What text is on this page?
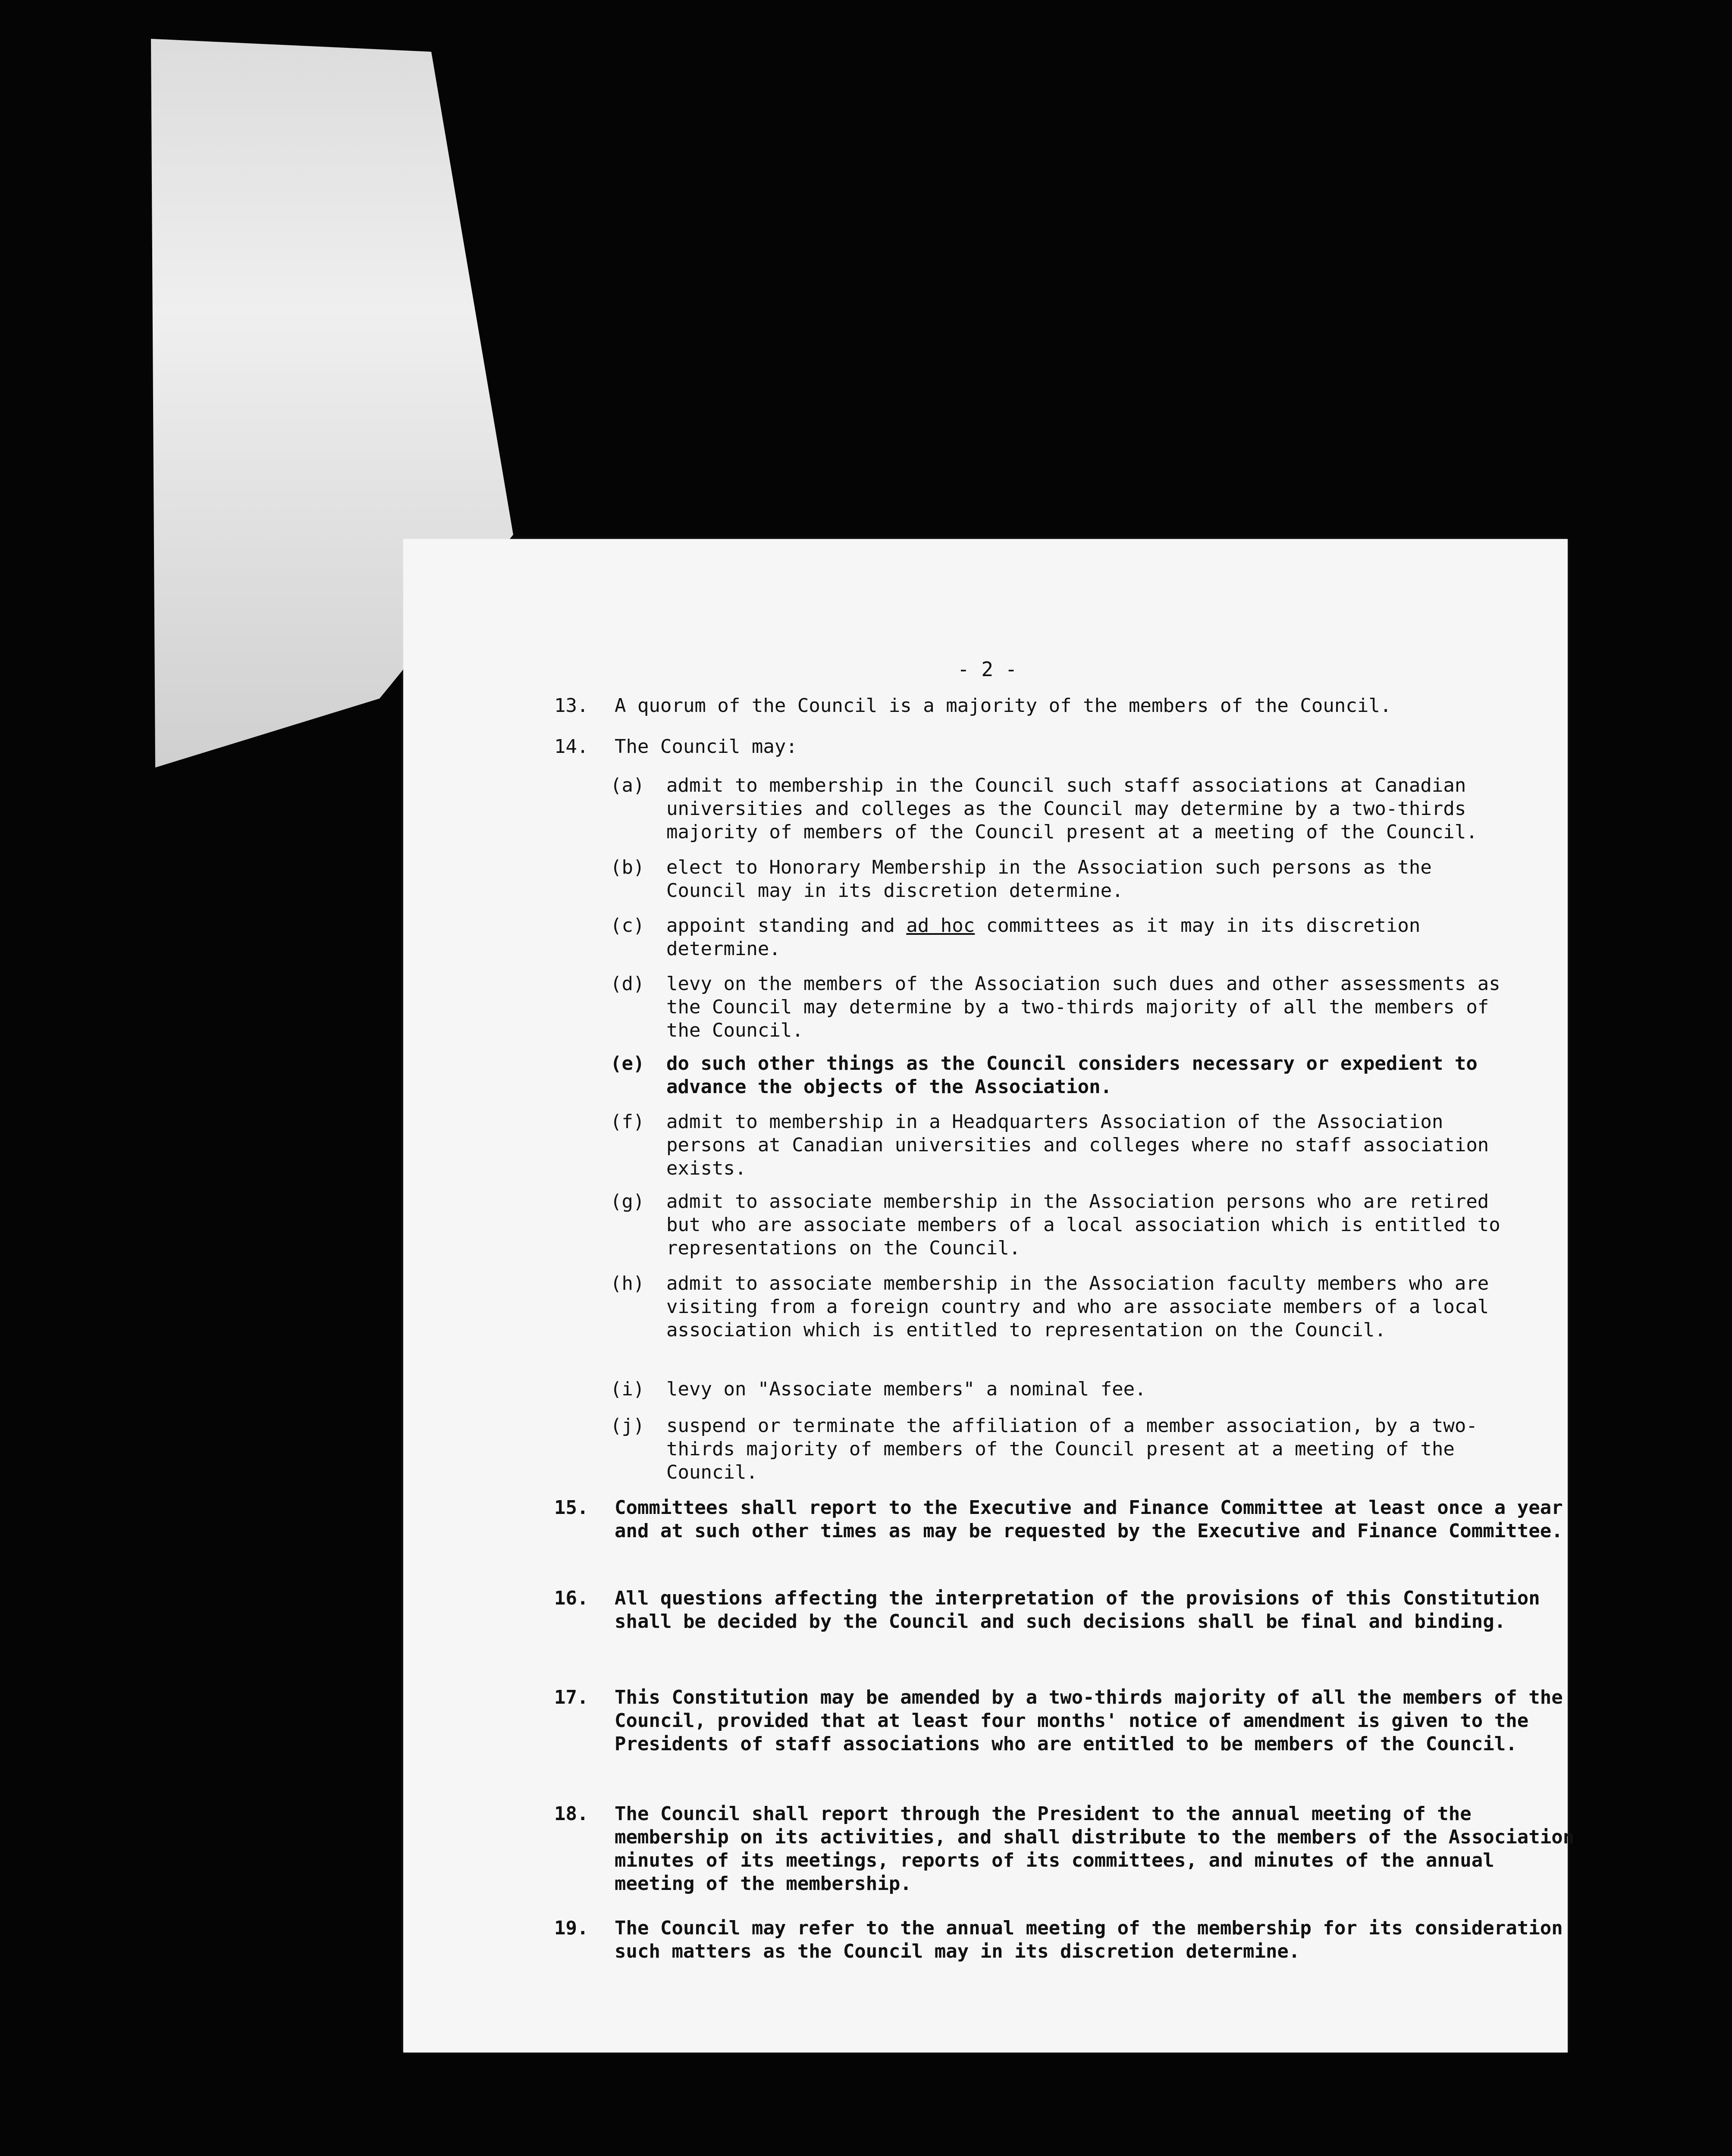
- 2 -
13.	A quorum of the Council is a majority of the members of the Council.
14.	The Council may:
(a)	admit to membership in the Council such staff associations at Canadian universities and colleges as the Council may determine by a two-thirds majority of members of the Council present at a meeting of the Council.
(b)	elect to Honorary Membership in the Association such persons as the Council may in its discretion determine.
(c)	appoint standing and ad hoc committees as it may in its discretion determine.
(d)	levy on the members of the Association such dues and other assessments as the Council may determine by a two-thirds majority of all the members of the Council.
(e)	do such other things as the Council considers necessary or expedient to advance the objects of the Association.
(f)	admit to membership in a Headquarters Association of the Association persons at Canadian universities and colleges where no staff association exists.
(g)	admit to associate membership in the Association persons who are retired but who are associate members of a local association which is entitled to representations on the Council.
(h)	admit to associate membership in the Association faculty members who are visiting from a foreign country and who are associate members of a local association which is entitled to representation on the Council.
(i)	levy on "Associate members" a nominal fee.
(j)	suspend or terminate the affiliation of a member association, by a two-thirds majority of members of the Council present at a meeting of the Council.
15.	Committees shall report to the Executive and Finance Committee at least once a year and at such other times as may be requested by the Executive and Finance Committee.
16.	All questions affecting the interpretation of the provisions of this Constitution shall be decided by the Council and such decisions shall be final and binding.
17.	This Constitution may be amended by a two-thirds majority of all the members of the Council, provided that at least four months' notice of amendment is given to the Presidents of staff associations who are entitled to be members of the Council.
18.	The Council shall report through the President to the annual meeting of the membership on its activities, and shall distribute to the members of the Association minutes of its meetings, reports of its committees, and minutes of the annual meeting of the membership.
19.	The Council may refer to the annual meeting of the membership for its consideration such matters as the Council may in its discretion determine.
